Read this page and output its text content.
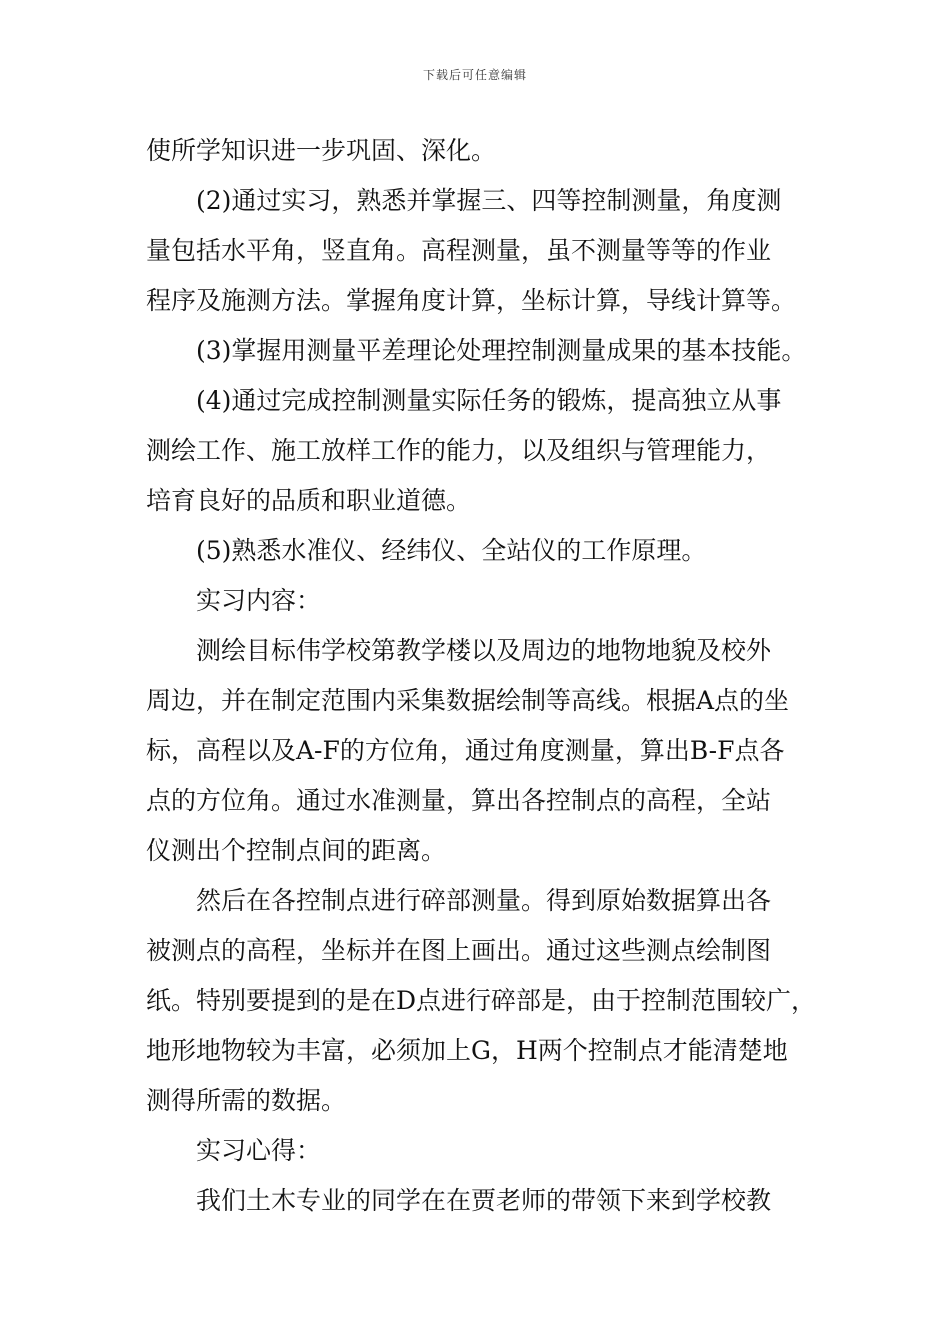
下载后可任意编辑
使所学知识进一步巩固、深化。
(2)通过实习，熟悉并掌握三、四等控制测量，角度测
量包括水平角，竖直角。高程测量，虽不测量等等的作业
程序及施测方法。掌握角度计算，坐标计算，导线计算等。
(3)掌握用测量平差理论处理控制测量成果的基本技能。
(4)通过完成控制测量实际任务的锻炼，提高独立从事
测绘工作、施工放样工作的能力，以及组织与管理能力，
培育良好的品质和职业道德。
(5)熟悉水准仪、经纬仪、全站仪的工作原理。
实习内容：
测绘目标伟学校第教学楼以及周边的地物地貌及校外
周边，并在制定范围内采集数据绘制等高线。根据A点的坐
标，高程以及A-F的方位角，通过角度测量，算出B-F点各
点的方位角。通过水准测量，算出各控制点的高程，全站
仪测出个控制点间的距离。
然后在各控制点进行碎部测量。得到原始数据算出各
被测点的高程，坐标并在图上画出。通过这些测点绘制图
纸。特别要提到的是在D点进行碎部是，由于控制范围较广，
地形地物较为丰富，必须加上G，H两个控制点才能清楚地
测得所需的数据。
实习心得：
我们土木专业的同学在在贾老师的带领下来到学校教
